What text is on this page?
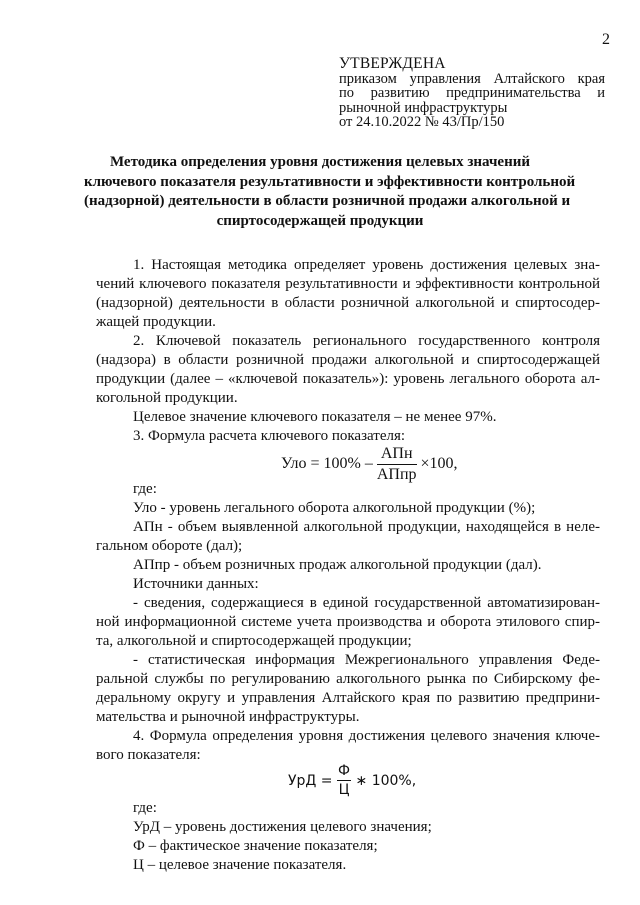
2
УТВЕРЖДЕНА
приказом управления Алтайского края
по развитию предпринимательства и
рыночной инфраструктуры
от 24.10.2022 № 43/Пр/150
Методика определения уровня достижения целевых значений
ключевого показателя результативности и эффективности контрольной
(надзорной) деятельности в области розничной продажи алкогольной и
спиртосодержащей продукции
1. Настоящая методика определяет уровень достижения целевых зна-
чений ключевого показателя результативности и эффективности контрольной
(надзорной) деятельности в области розничной алкогольной и спиртосодер-
жащей продукции.
2. Ключевой показатель регионального государственного контроля
(надзора) в области розничной продажи алкогольной и спиртосодержащей
продукции (далее – «ключевой показатель»): уровень легального оборота ал-
когольной продукции.
Целевое значение ключевого показателя – не менее 97%.
3. Формула расчета ключевого показателя:
Уло = $100\% - \frac{\text{АПн}}{\text{АПпр}} \times 100$,
где:
Уло - уровень легального оборота алкогольной продукции (%);
АПн - объем выявленной алкогольной продукции, находящейся в неле-
гальном обороте (дал);
АПпр - объем розничных продаж алкогольной продукции (дал).
Источники данных:
- сведения, содержащиеся в единой государственной автоматизирован-
ной информационной системе учета производства и оборота этилового спир-
та, алкогольной и спиртосодержащей продукции;
- статистическая информация Межрегионального управления Феде-
ральной службы по регулированию алкогольного рынка по Сибирскому фе-
деральному округу и управления Алтайского края по развитию предприни-
мательства и рыночной инфраструктуры.
4. Формула определения уровня достижения целевого значения ключе-
вого показателя:
УрД = $\frac{Ф}{Ц}$ ∗ 100%,
где:
УрД – уровень достижения целевого значения;
Ф – фактическое значение показателя;
Ц – целевое значение показателя.
